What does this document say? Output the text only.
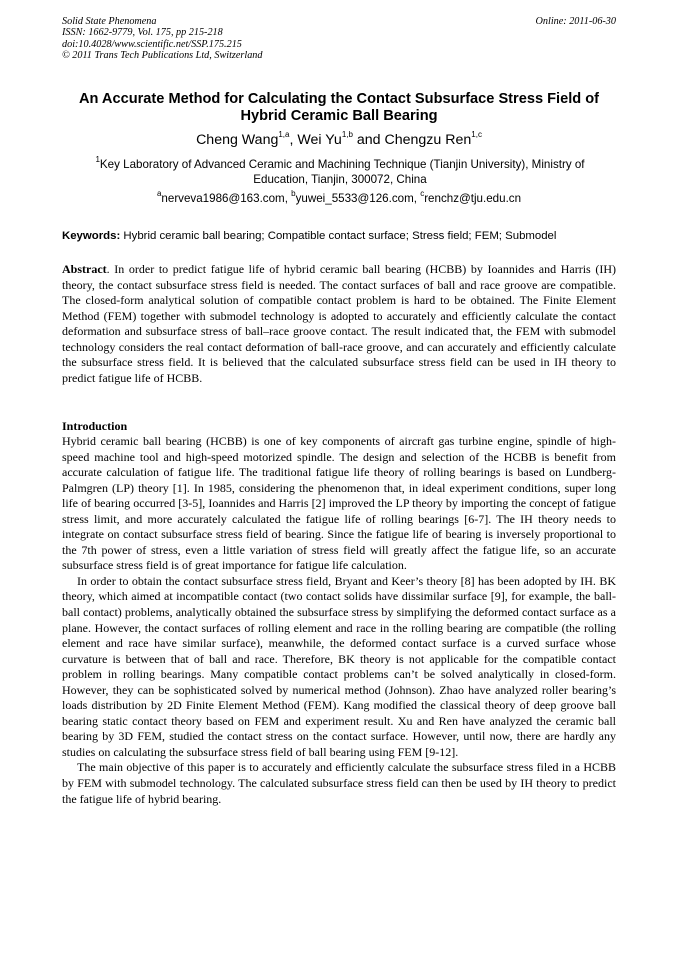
Solid State Phenomena
ISSN: 1662-9779, Vol. 175, pp 215-218
doi:10.4028/www.scientific.net/SSP.175.215
© 2011 Trans Tech Publications Ltd, Switzerland
Online: 2011-06-30
An Accurate Method for Calculating the Contact Subsurface Stress Field of Hybrid Ceramic Ball Bearing
Cheng Wang$^{1,a}$, Wei Yu$^{1,b}$ and Chengzu Ren$^{1,c}$
$^1$Key Laboratory of Advanced Ceramic and Machining Technique (Tianjin University), Ministry of Education, Tianjin, 300072, China
$^a$nerveva1986@163.com, $^b$yuwei_5533@126.com, $^c$renchz@tju.edu.cn
Keywords: Hybrid ceramic ball bearing; Compatible contact surface; Stress field; FEM; Submodel
Abstract. In order to predict fatigue life of hybrid ceramic ball bearing (HCBB) by Ioannides and Harris (IH) theory, the contact subsurface stress field is needed. The contact surfaces of ball and race groove are compatible. The closed-form analytical solution of compatible contact problem is hard to be obtained. The Finite Element Method (FEM) together with submodel technology is adopted to accurately and efficiently calculate the contact deformation and subsurface stress of ball–race groove contact. The result indicated that, the FEM with submodel technology considers the real contact deformation of ball-race groove, and can accurately and efficiently calculate the subsurface stress field. It is believed that the calculated subsurface stress field can be used in IH theory to predict fatigue life of HCBB.
Introduction

Hybrid ceramic ball bearing (HCBB) is one of key components of aircraft gas turbine engine, spindle of high-speed machine tool and high-speed motorized spindle. The design and selection of the HCBB is benefit from accurate calculation of fatigue life. The traditional fatigue life theory of rolling bearings is based on Lundberg-Palmgren (LP) theory [1]. In 1985, considering the phenomenon that, in ideal experiment conditions, super long life of bearing occurred [3-5], Ioannides and Harris [2] improved the LP theory by importing the concept of fatigue stress limit, and more accurately calculated the fatigue life of rolling bearings [6-7]. The IH theory needs to integrate on contact subsurface stress field of bearing. Since the fatigue life of bearing is inversely proportional to the 7th power of stress, even a little variation of stress field will greatly affect the fatigue life, so an accurate subsurface stress field is of great importance for fatigue life calculation.

In order to obtain the contact subsurface stress field, Bryant and Keer’s theory [8] has been adopted by IH. BK theory, which aimed at incompatible contact (two contact solids have dissimilar surface [9], for example, the ball-ball contact) problems, analytically obtained the subsurface stress by simplifying the deformed contact surface as a plane. However, the contact surfaces of rolling element and race in the rolling bearing are compatible (the rolling element and race have similar surface), meanwhile, the deformed contact surface is a curved surface whose curvature is between that of ball and race. Therefore, BK theory is not applicable for the compatible contact problem in rolling bearings. Many compatible contact problems can’t be solved analytically in closed-form. However, they can be sophisticated solved by numerical method (Johnson). Zhao have analyzed roller bearing’s loads distribution by 2D Finite Element Method (FEM). Kang modified the classical theory of deep groove ball bearing static contact theory based on FEM and experiment result. Xu and Ren have analyzed the ceramic ball bearing by 3D FEM, studied the contact stress on the contact surface. However, until now, there are hardly any studies on calculating the subsurface stress field of ball bearing using FEM [9-12].

The main objective of this paper is to accurately and efficiently calculate the subsurface stress filed in a HCBB by FEM with submodel technology. The calculated subsurface stress field can then be used by IH theory to predict the fatigue life of hybrid bearing.
